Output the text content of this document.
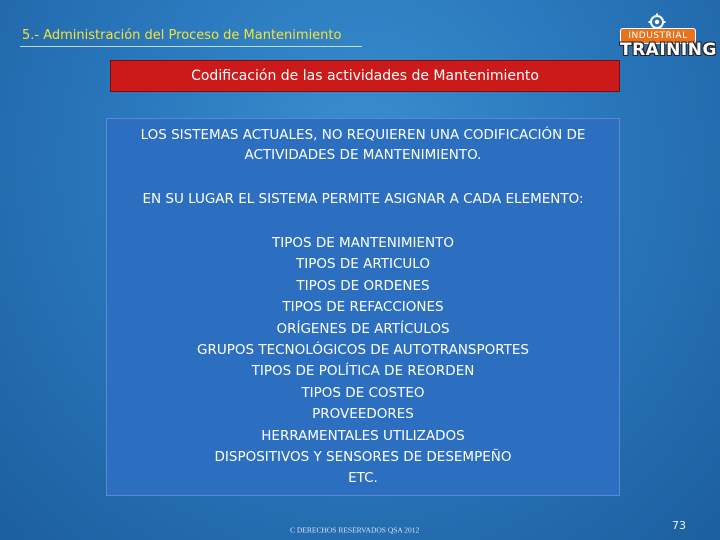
5.- Administración del Proceso de Mantenimiento	INDUSTRIAL
TRAINING
Codificación de las actividades de Mantenimiento
LOS SISTEMAS ACTUALES, NO REQUIEREN UNA CODIFICACIÓN DE ACTIVIDADES DE MANTENIMIENTO.
EN SU LUGAR EL SISTEMA PERMITE ASIGNAR A CADA ELEMENTO:
TIPOS DE MANTENIMIENTO
TIPOS DE ARTICULO
TIPOS DE ORDENES
TIPOS DE REFACCIONES
ORÍGENES DE ARTÍCULOS
GRUPOS TECNOLÓGICOS DE AUTOTRANSPORTES
TIPOS DE POLÍTICA DE REORDEN
TIPOS DE COSTEO
PROVEEDORES
HERRAMENTALES UTILIZADOS
DISPOSITIVOS Y SENSORES DE DESEMPEÑO
ETC.
C DERECHOS RESERVADOS QSA 2012	73
